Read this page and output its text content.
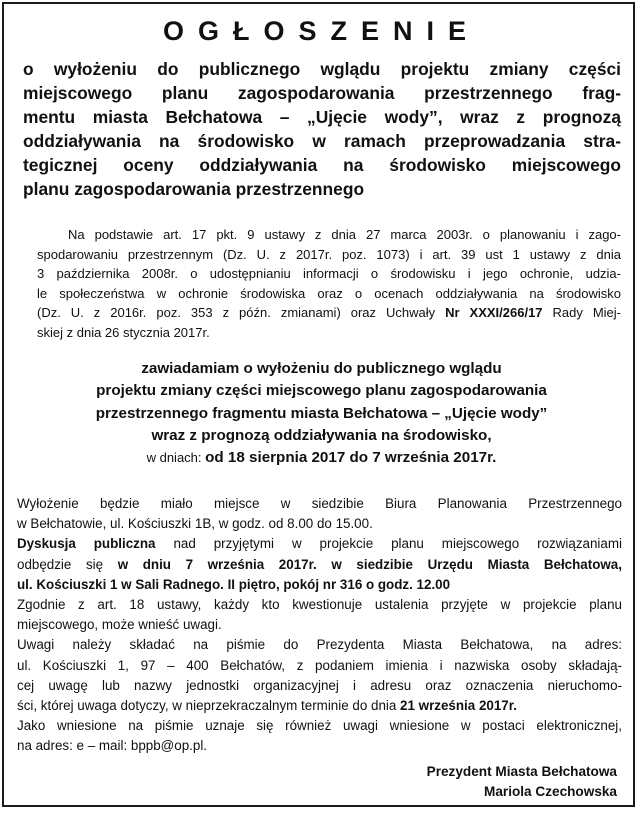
OGŁOSZENIE
o wyłożeniu do publicznego wglądu projektu zmiany części
miejscowego planu zagospodarowania przestrzennego frag-
mentu miasta Bełchatowa – „Ujęcie wody”, wraz z prognozą
oddziaływania na środowisko w ramach przeprowadzania stra-
tegicznej oceny oddziaływania na środowisko miejscowego
planu zagospodarowania przestrzennego
Na podstawie art. 17 pkt. 9 ustawy z dnia 27 marca 2003r. o planowaniu i zago-
spodarowaniu przestrzennym (Dz. U. z 2017r. poz. 1073) i art. 39 ust 1 ustawy z dnia
3 października 2008r. o udostępnianiu informacji o środowisku i jego ochronie, udzia-
le społeczeństwa w ochronie środowiska oraz o ocenach oddziaływania na środowisko
(Dz. U. z 2016r. poz. 353 z późn. zmianami) oraz Uchwały Nr XXXI/266/17 Rady Miej-
skiej z dnia 26 stycznia 2017r.
zawiadamiam o wyłożeniu do publicznego wglądu
projektu zmiany części miejscowego planu zagospodarowania
przestrzennego fragmentu miasta Bełchatowa – „Ujęcie wody”
wraz z prognozą oddziaływania na środowisko,
w dniach: od 18 sierpnia 2017 do 7 września 2017r.
Wyłożenie będzie miało miejsce w siedzibie Biura Planowania Przestrzennego
w Bełchatowie, ul. Kościuszki 1B, w godz. od 8.00 do 15.00.
Dyskusja publiczna nad przyjętymi w projekcie planu miejscowego rozwiązaniami
odbędzie się w dniu 7 września 2017r. w siedzibie Urzędu Miasta Bełchatowa,
ul. Kościuszki 1 w Sali Radnego. II piętro, pokój nr 316 o godz. 12.00
Zgodnie z art. 18 ustawy, każdy kto kwestionuje ustalenia przyjęte w projekcie planu
miejscowego, może wnieść uwagi.
Uwagi należy składać na piśmie do Prezydenta Miasta Bełchatowa, na adres:
ul. Kościuszki 1, 97 – 400 Bełchatów, z podaniem imienia i nazwiska osoby składają-
cej uwagę lub nazwy jednostki organizacyjnej i adresu oraz oznaczenia nieruchomo-
ści, której uwaga dotyczy, w nieprzekraczalnym terminie do dnia 21 września 2017r.
Jako wniesione na piśmie uznaje się również uwagi wniesione w postaci elektronicznej,
na adres: e – mail: bppb@op.pl.
Prezydent Miasta Bełchatowa
Mariola Czechowska
